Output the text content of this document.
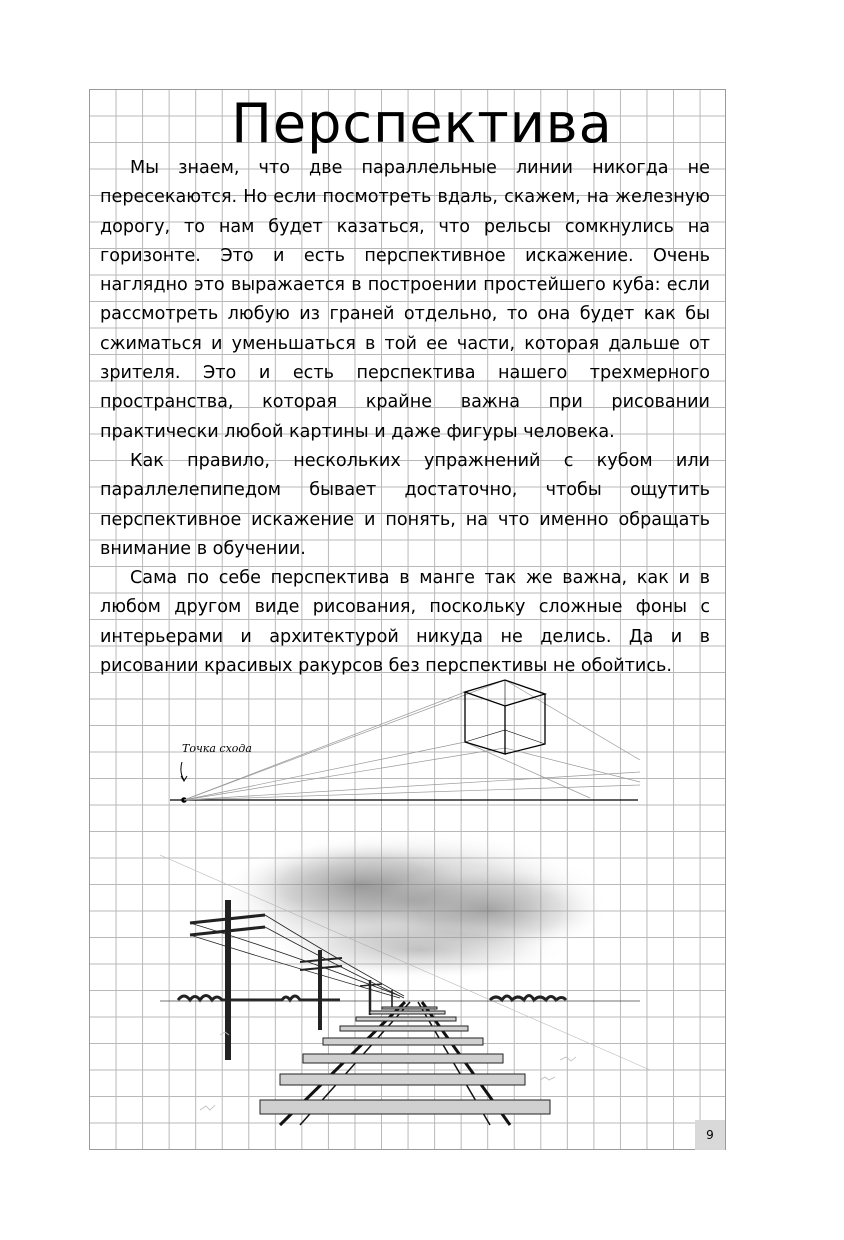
Перспектива

Мы знаем, что две параллельные линии никогда не пересекаются. Но если посмотреть вдаль, скажем, на железную дорогу, то нам будет казаться, что рельсы сомкнулись на горизонте. Это и есть перспективное искажение. Очень наглядно это выражается в построении простейшего куба: если рассмотреть любую из граней отдельно, то она будет как бы сжиматься и уменьшаться в той ее части, которая дальше от зрителя. Это и есть перспектива нашего трехмерного пространства, которая крайне важна при рисовании практически любой картины и даже фигуры человека.

Как правило, нескольких упражнений с кубом или параллелепипедом бывает достаточно, чтобы ощутить перспективное искажение и понять, на что именно обращать внимание в обучении.

Сама по себе перспектива в манге так же важна, как и в любом другом виде рисования, поскольку сложные фоны с интерьерами и архитектурой никуда не делись. Да и в рисовании красивых ракурсов без перспективы не обойтись.

Точка схода
9
